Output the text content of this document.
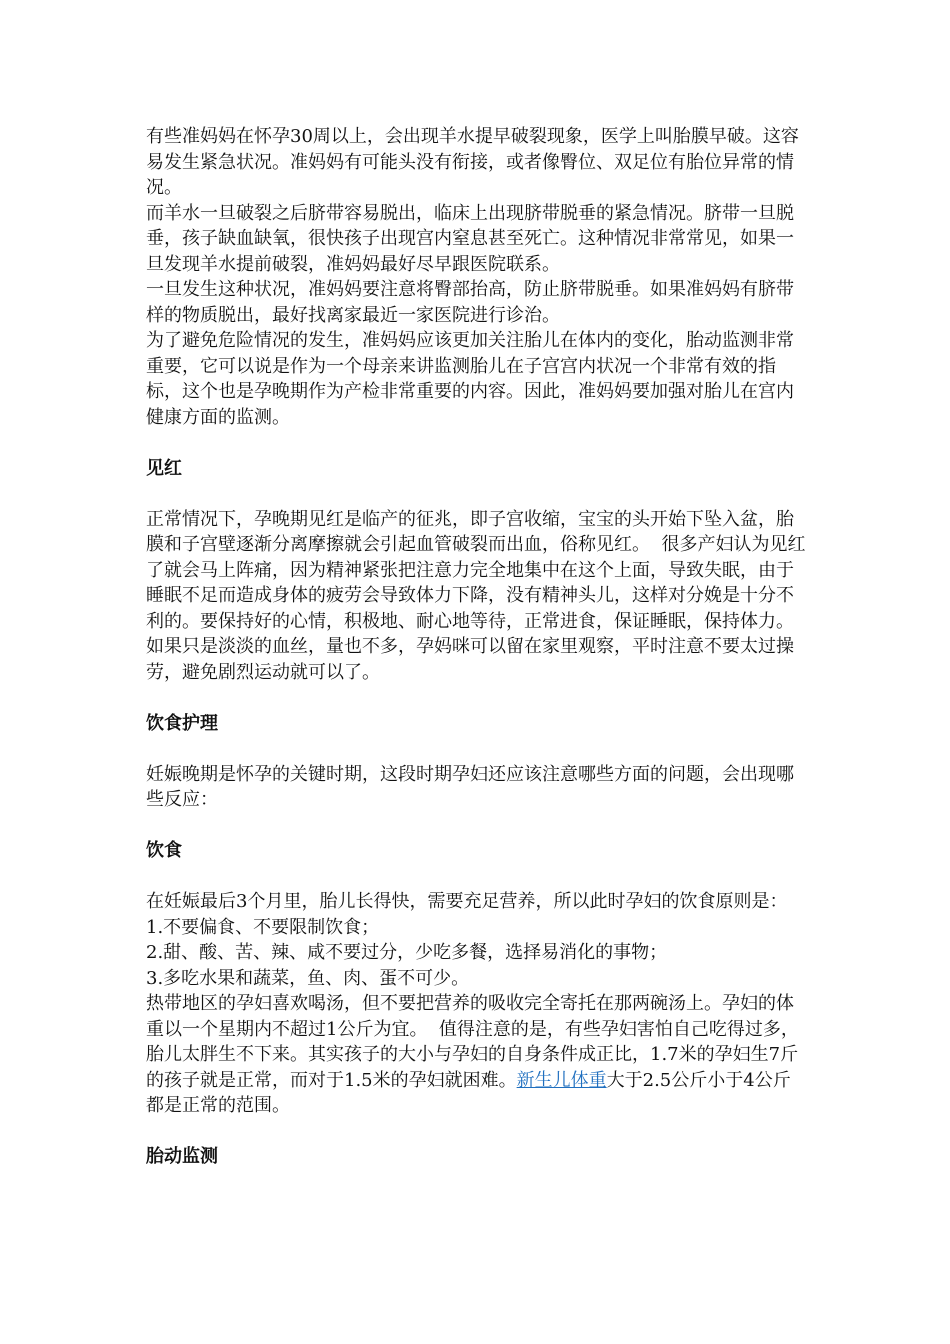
有些准妈妈在怀孕30周以上，会出现羊水提早破裂现象，医学上叫胎膜早破。这容易发生紧急状况。准妈妈有可能头没有衔接，或者像臀位、双足位有胎位异常的情况。

而羊水一旦破裂之后脐带容易脱出，临床上出现脐带脱垂的紧急情况。脐带一旦脱垂，孩子缺血缺氧，很快孩子出现宫内窒息甚至死亡。这种情况非常常见，如果一旦发现羊水提前破裂，准妈妈最好尽早跟医院联系。

一旦发生这种状况，准妈妈要注意将臀部抬高，防止脐带脱垂。如果准妈妈有脐带样的物质脱出，最好找离家最近一家医院进行诊治。

为了避免危险情况的发生，准妈妈应该更加关注胎儿在体内的变化，胎动监测非常重要，它可以说是作为一个母亲来讲监测胎儿在子宫宫内状况一个非常有效的指标，这个也是孕晚期作为产检非常重要的内容。因此，准妈妈要加强对胎儿在宫内健康方面的监测。

见红

正常情况下，孕晚期见红是临产的征兆，即子宫收缩，宝宝的头开始下坠入盆，胎膜和子宫壁逐渐分离摩擦就会引起血管破裂而出血，俗称见红。  很多产妇认为见红了就会马上阵痛，因为精神紧张把注意力完全地集中在这个上面，导致失眠，由于睡眠不足而造成身体的疲劳会导致体力下降，没有精神头儿，这样对分娩是十分不利的。要保持好的心情，积极地、耐心地等待，正常进食，保证睡眠，保持体力。如果只是淡淡的血丝，量也不多，孕妈咪可以留在家里观察，平时注意不要太过操劳，避免剧烈运动就可以了。

饮食护理

妊娠晚期是怀孕的关键时期，这段时期孕妇还应该注意哪些方面的问题，会出现哪些反应：

饮食

在妊娠最后3个月里，胎儿长得快，需要充足营养，所以此时孕妇的饮食原则是：

1.不要偏食、不要限制饮食；

2.甜、酸、苦、辣、咸不要过分，少吃多餐，选择易消化的事物；

3.多吃水果和蔬菜，鱼、肉、蛋不可少。

热带地区的孕妇喜欢喝汤，但不要把营养的吸收完全寄托在那两碗汤上。孕妇的体重以一个星期内不超过1公斤为宜。  值得注意的是，有些孕妇害怕自己吃得过多，胎儿太胖生不下来。其实孩子的大小与孕妇的自身条件成正比，1.7米的孕妇生7斤的孩子就是正常，而对于1.5米的孕妇就困难。新生儿体重大于2.5公斤小于4公斤都是正常的范围。

胎动监测
